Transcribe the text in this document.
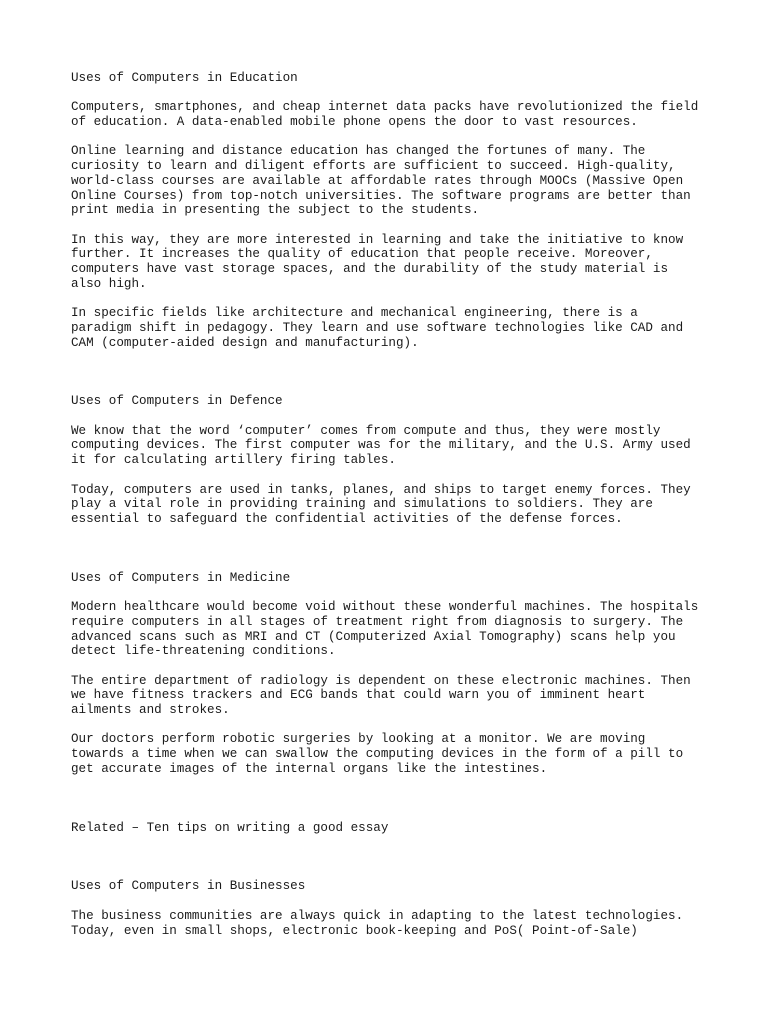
Uses of Computers in Education
Computers, smartphones, and cheap internet data packs have revolutionized the field
of education. A data-enabled mobile phone opens the door to vast resources.
Online learning and distance education has changed the fortunes of many. The
curiosity to learn and diligent efforts are sufficient to succeed. High-quality,
world-class courses are available at affordable rates through MOOCs (Massive Open
Online Courses) from top-notch universities. The software programs are better than
print media in presenting the subject to the students.
In this way, they are more interested in learning and take the initiative to know
further. It increases the quality of education that people receive. Moreover,
computers have vast storage spaces, and the durability of the study material is
also high.
In specific fields like architecture and mechanical engineering, there is a
paradigm shift in pedagogy. They learn and use software technologies like CAD and
CAM (computer-aided design and manufacturing).
Uses of Computers in Defence
We know that the word ‘computer’ comes from compute and thus, they were mostly
computing devices. The first computer was for the military, and the U.S. Army used
it for calculating artillery firing tables.
Today, computers are used in tanks, planes, and ships to target enemy forces. They
play a vital role in providing training and simulations to soldiers. They are
essential to safeguard the confidential activities of the defense forces.
Uses of Computers in Medicine
Modern healthcare would become void without these wonderful machines. The hospitals
require computers in all stages of treatment right from diagnosis to surgery. The
advanced scans such as MRI and CT (Computerized Axial Tomography) scans help you
detect life-threatening conditions.
The entire department of radiology is dependent on these electronic machines. Then
we have fitness trackers and ECG bands that could warn you of imminent heart
ailments and strokes.
Our doctors perform robotic surgeries by looking at a monitor. We are moving
towards a time when we can swallow the computing devices in the form of a pill to
get accurate images of the internal organs like the intestines.
Related – Ten tips on writing a good essay
Uses of Computers in Businesses
The business communities are always quick in adapting to the latest technologies.
Today, even in small shops, electronic book-keeping and PoS( Point-of-Sale)
